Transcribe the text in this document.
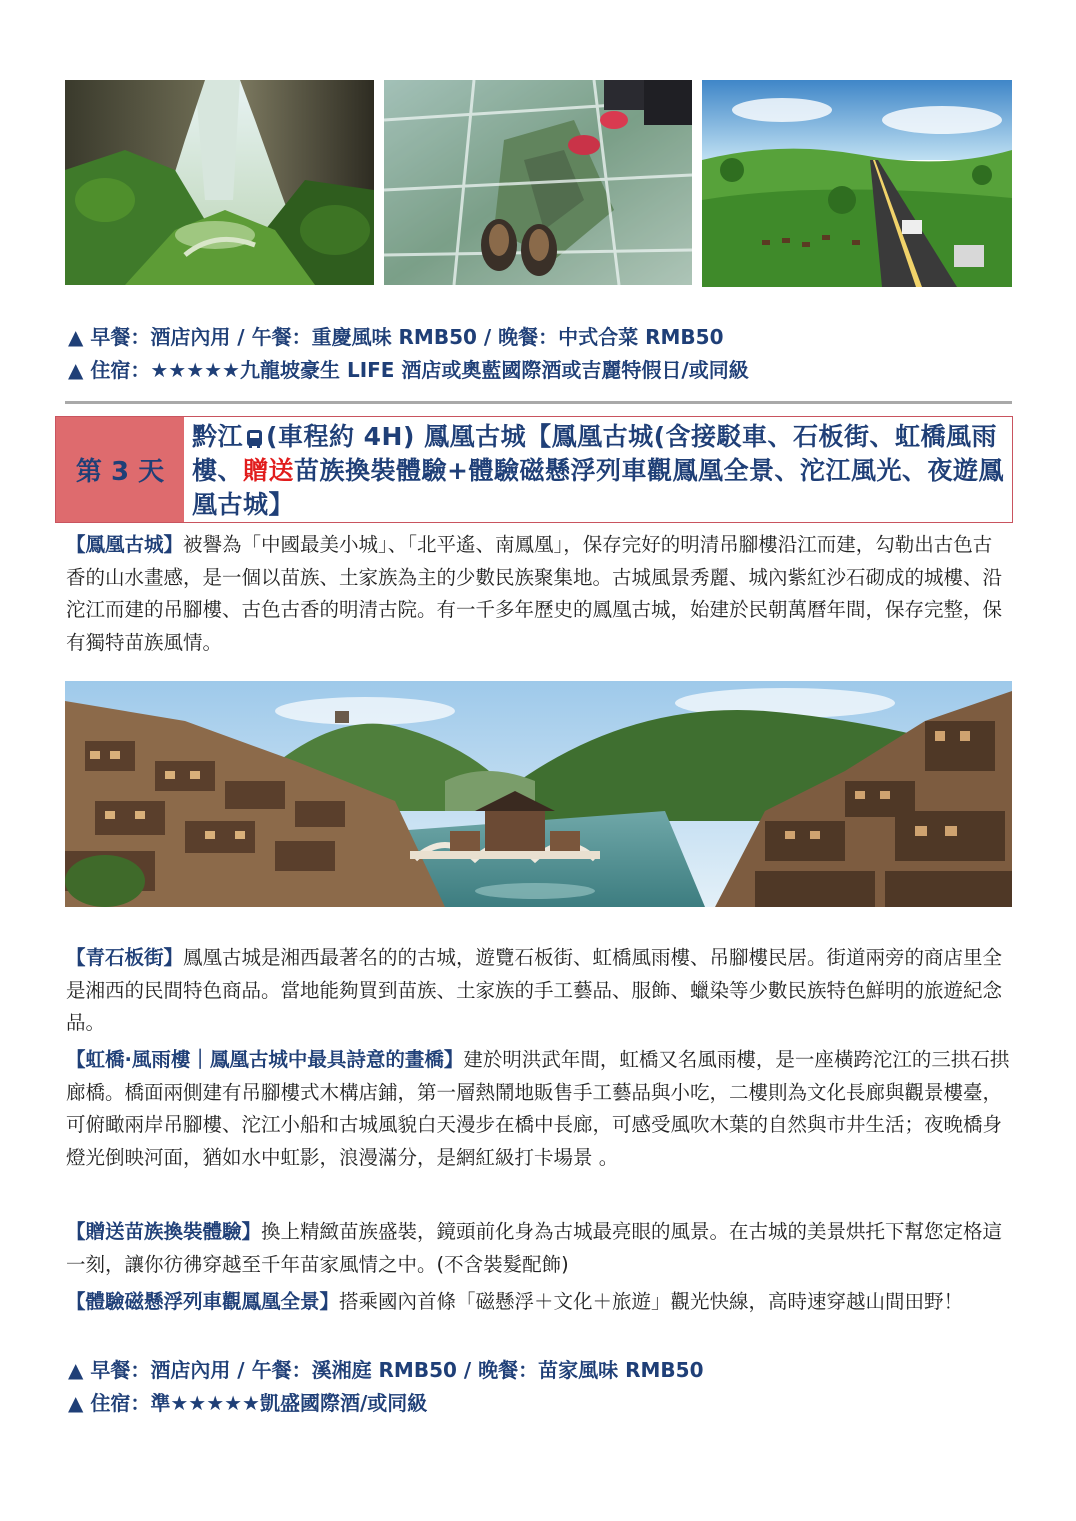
▲ 早餐：酒店內用 / 午餐：重慶風味 RMB50 / 晚餐：中式合菜 RMB50

▲ 住宿：★★★★★九龍坡豪生 LIFE 酒店或奧藍國際酒或吉麗特假日/或同級

第 3 天

黔江 (車程約 4H) 鳳凰古城【鳳凰古城(含接駁車、石板街、虹橋風雨樓、贈送苗族換裝體驗+體驗磁懸浮列車觀鳳凰全景、沱江風光、夜遊鳳凰古城】

【鳳凰古城】被譽為「中國最美小城」、「北平遙、南鳳凰」，保存完好的明清吊腳樓沿江而建，勾勒出古色古香的山水畫感，是一個以苗族、土家族為主的少數民族聚集地。古城風景秀麗、城內紫紅沙石砌成的城樓、沿沱江而建的吊腳樓、古色古香的明清古院。有一千多年歷史的鳳凰古城，始建於民朝萬曆年間，保存完整，保有獨特苗族風情。

【青石板街】鳳凰古城是湘西最著名的的古城，遊覽石板街、虹橋風雨樓、吊腳樓民居。街道兩旁的商店里全是湘西的民間特色商品。當地能夠買到苗族、土家族的手工藝品、服飾、蠟染等少數民族特色鮮明的旅遊紀念品。

【虹橋·風雨樓｜鳳凰古城中最具詩意的畫橋】建於明洪武年間，虹橋又名風雨樓，是一座橫跨沱江的三拱石拱廊橋。橋面兩側建有吊腳樓式木構店鋪，第一層熱鬧地販售手工藝品與小吃，二樓則為文化長廊與觀景樓臺，可俯瞰兩岸吊腳樓、沱江小船和古城風貌白天漫步在橋中長廊，可感受風吹木葉的自然與市井生活；夜晚橋身燈光倒映河面，猶如水中虹影，浪漫滿分，是網紅級打卡場景 。

【贈送苗族換裝體驗】換上精緻苗族盛裝，鏡頭前化身為古城最亮眼的風景。在古城的美景烘托下幫您定格這一刻，讓你彷彿穿越至千年苗家風情之中。(不含裝髮配飾)

【體驗磁懸浮列車觀鳳凰全景】搭乘國內首條「磁懸浮＋文化＋旅遊」觀光快線，高時速穿越山間田野！

▲ 早餐：酒店內用 / 午餐：溪湘庭 RMB50 / 晚餐：苗家風味 RMB50

▲ 住宿：準★★★★★凱盛國際酒/或同級
